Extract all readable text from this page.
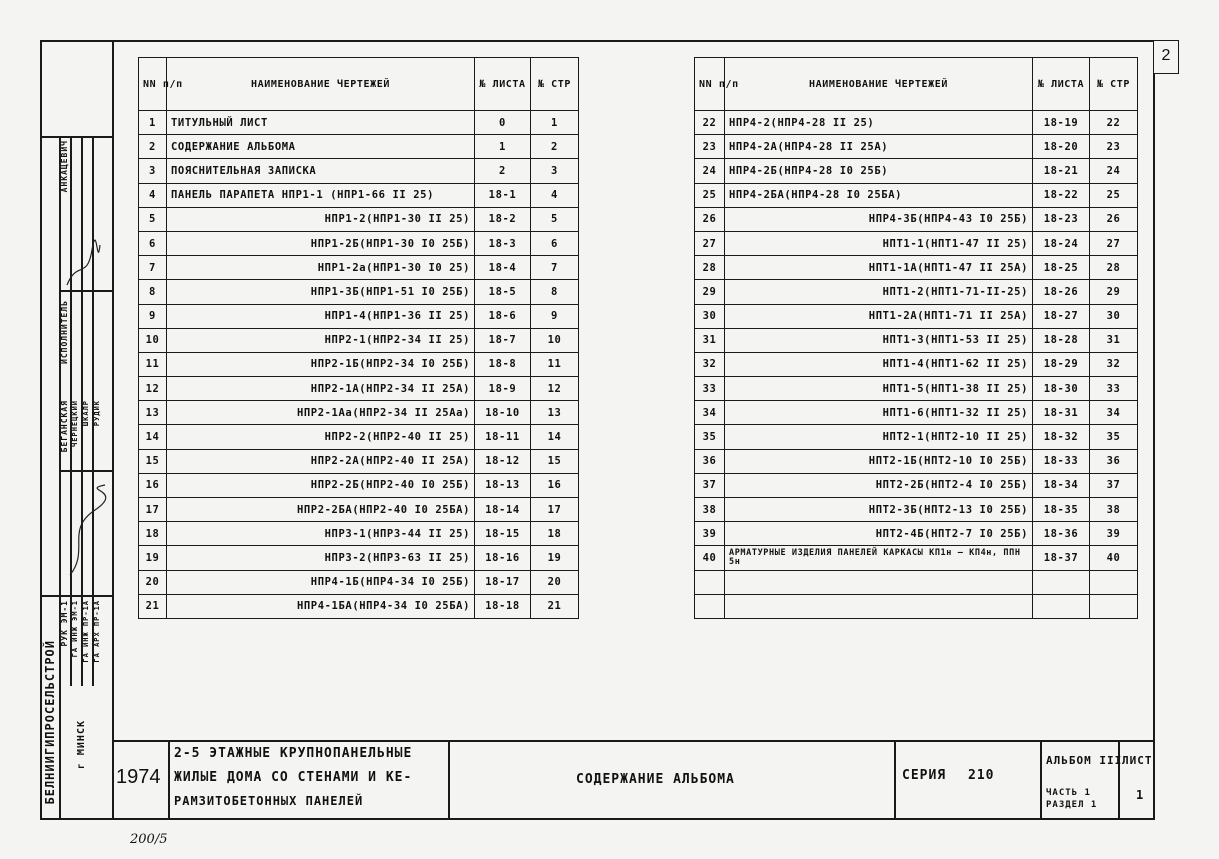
2
БЕЛНИИГИПРОСЕЛЬСТРОЙ г МИНСК
АНКАЦЕВИЧ
ИСПОЛНИТЕЛЬ
РУК ЭМ-1 ГА ИНЖ ЭМ-1 ГА ИНЖ ПР-1А ГА АРХ ПР-1А
БЕГАНСКАЯ ЧЕРНЕЦКИЙ ШКАЛР РУДИК
NN п/п	НАИМЕНОВАНИЕ ЧЕРТЕЖЕЙ	№ ЛИСТА	№ СТР
1	ТИТУЛЬНЫЙ ЛИСТ	0	1
2	СОДЕРЖАНИЕ АЛЬБОМА	1	2
3	ПОЯСНИТЕЛЬНАЯ ЗАПИСКА	2	3
4	ПАНЕЛЬ ПАРАПЕТА НПР1-1 (НПР1-66 II 25)	18-1	4
5	НПР1-2(НПР1-30 II 25)	18-2	5
6	НПР1-2Б(НПР1-30 I0 25Б)	18-3	6
7	НПР1-2а(НПР1-30 I0 25)	18-4	7
8	НПР1-3Б(НПР1-51 I0 25Б)	18-5	8
9	НПР1-4(НПР1-36 II 25)	18-6	9
10	НПР2-1(НПР2-34 II 25)	18-7	10
11	НПР2-1Б(НПР2-34 I0 25Б)	18-8	11
12	НПР2-1А(НПР2-34 II 25А)	18-9	12
13	НПР2-1Аа(НПР2-34 II 25Аа)	18-10	13
14	НПР2-2(НПР2-40 II 25)	18-11	14
15	НПР2-2А(НПР2-40 II 25А)	18-12	15
16	НПР2-2Б(НПР2-40 I0 25Б)	18-13	16
17	НПР2-2БА(НПР2-40 I0 25БА)	18-14	17
18	НПР3-1(НПР3-44 II 25)	18-15	18
19	НПР3-2(НПР3-63 II 25)	18-16	19
20	НПР4-1Б(НПР4-34 I0 25Б)	18-17	20
21	НПР4-1БА(НПР4-34 I0 25БА)	18-18	21
NN п/п	НАИМЕНОВАНИЕ ЧЕРТЕЖЕЙ	№ ЛИСТА	№ СТР
22	НПР4-2(НПР4-28 II 25)	18-19	22
23	НПР4-2А(НПР4-28 II 25А)	18-20	23
24	НПР4-2Б(НПР4-28 I0 25Б)	18-21	24
25	НПР4-2БА(НПР4-28 I0 25БА)	18-22	25
26	НПР4-3Б(НПР4-43 I0 25Б)	18-23	26
27	НПТ1-1(НПТ1-47 II 25)	18-24	27
28	НПТ1-1А(НПТ1-47 II 25А)	18-25	28
29	НПТ1-2(НПТ1-71-II-25)	18-26	29
30	НПТ1-2А(НПТ1-71 II 25А)	18-27	30
31	НПТ1-3(НПТ1-53 II 25)	18-28	31
32	НПТ1-4(НПТ1-62 II 25)	18-29	32
33	НПТ1-5(НПТ1-38 II 25)	18-30	33
34	НПТ1-6(НПТ1-32 II 25)	18-31	34
35	НПТ2-1(НПТ2-10 II 25)	18-32	35
36	НПТ2-1Б(НПТ2-10 I0 25Б)	18-33	36
37	НПТ2-2Б(НПТ2-4 I0 25Б)	18-34	37
38	НПТ2-3Б(НПТ2-13 I0 25Б)	18-35	38
39	НПТ2-4Б(НПТ2-7 I0 25Б)	18-36	39
40	АРМАТУРНЫЕ ИЗДЕЛИЯ ПАНЕЛЕЙ КАРКАСЫ КП1н — КП4н, ППН 5н	18-37	40

1974
2-5 ЭТАЖНЫЕ КРУПНОПАНЕЛЬНЫЕ
ЖИЛЫЕ ДОМА СО СТЕНАМИ И КЕ-
РАМЗИТОБЕТОННЫХ ПАНЕЛЕЙ
СОДЕРЖАНИЕ АЛЬБОМА	СЕРИЯ 210
АЛЬБОМ III
ЧАСТЬ 1
РАЗДЕЛ 1
ЛИСТ
1
200/5
